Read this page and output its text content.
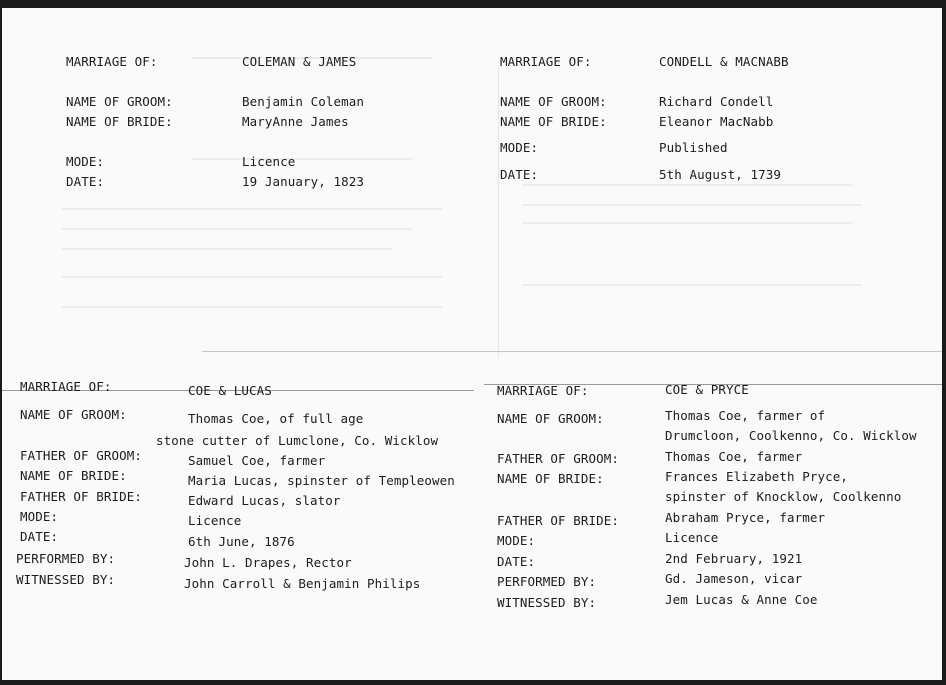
MARRIAGE OF:	COLEMAN & JAMES
NAME OF GROOM:	Benjamin Coleman
NAME OF BRIDE:	MaryAnne James
MODE:	Licence
DATE:	19 January, 1823
MARRIAGE OF:	CONDELL & MACNABB
NAME OF GROOM:	Richard Condell
NAME OF BRIDE:	Eleanor MacNabb
MODE:	Published
DATE:	5th August, 1739
MARRIAGE OF:	COE & LUCAS
NAME OF GROOM:	Thomas Coe, of full age
stone cutter of Lumclone, Co. Wicklow
FATHER OF GROOM:	Samuel Coe, farmer
NAME OF BRIDE:	Maria Lucas, spinster of Templeowen
FATHER OF BRIDE:	Edward Lucas, slator
MODE:	Licence
DATE:	6th June, 1876
PERFORMED BY:	John L. Drapes, Rector
WITNESSED BY:	John Carroll & Benjamin Philips
MARRIAGE OF:	COE & PRYCE
NAME OF GROOM:	Thomas Coe, farmer of
Drumcloon, Coolkenno, Co. Wicklow
FATHER OF GROOM:	Thomas Coe, farmer
NAME OF BRIDE:	Frances Elizabeth Pryce,
spinster of Knocklow, Coolkenno
FATHER OF BRIDE:	Abraham Pryce, farmer
MODE:	Licence
DATE:	2nd February, 1921
PERFORMED BY:	Gd. Jameson, vicar
WITNESSED BY:	Jem Lucas & Anne Coe
